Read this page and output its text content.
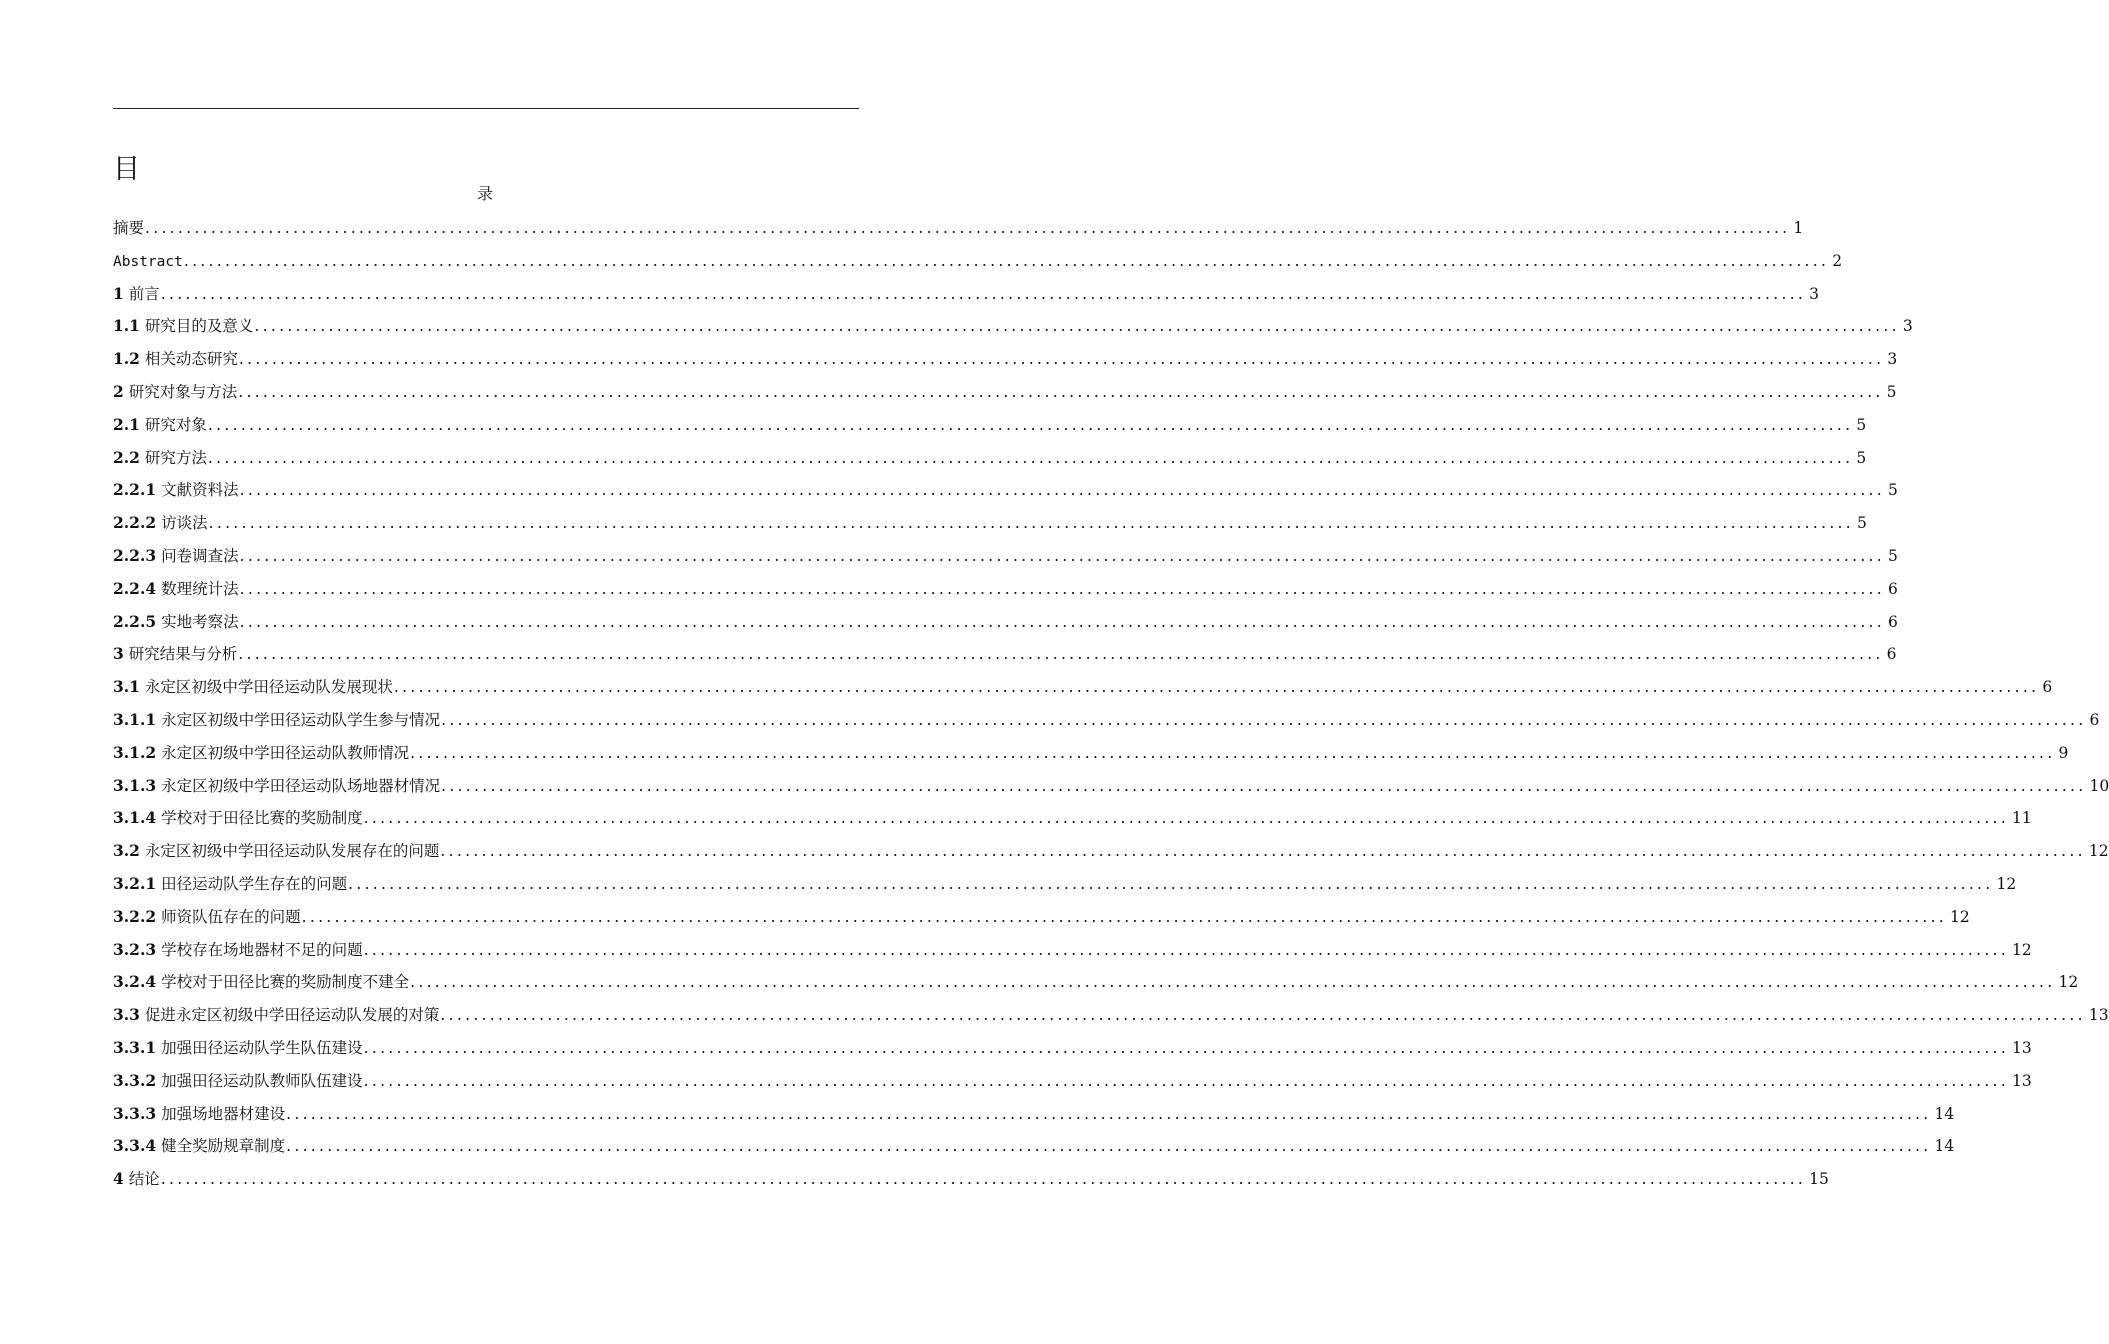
目
录
摘要 ........................................................................................................................................................................................................ 1
Abstract ........................................................................................................................................................................................................ 2
1 前言 ........................................................................................................................................................................................................ 3
1.1 研究目的及意义 ........................................................................................................................................................................................................ 3
1.2 相关动态研究 ........................................................................................................................................................................................................ 3
2 研究对象与方法 ........................................................................................................................................................................................................ 5
2.1 研究对象 ........................................................................................................................................................................................................ 5
2.2 研究方法 ........................................................................................................................................................................................................ 5
2.2.1 文献资料法 ........................................................................................................................................................................................................ 5
2.2.2 访谈法 ........................................................................................................................................................................................................ 5
2.2.3 问卷调查法 ........................................................................................................................................................................................................ 5
2.2.4 数理统计法 ........................................................................................................................................................................................................ 6
2.2.5 实地考察法 ........................................................................................................................................................................................................ 6
3 研究结果与分析 ........................................................................................................................................................................................................ 6
3.1 永定区初级中学田径运动队发展现状 ........................................................................................................................................................................................................ 6
3.1.1 永定区初级中学田径运动队学生参与情况 ........................................................................................................................................................................................................ 6
3.1.2 永定区初级中学田径运动队教师情况 ........................................................................................................................................................................................................ 9
3.1.3 永定区初级中学田径运动队场地器材情况 ........................................................................................................................................................................................................ 10
3.1.4 学校对于田径比赛的奖励制度 ........................................................................................................................................................................................................ 11
3.2 永定区初级中学田径运动队发展存在的问题 ........................................................................................................................................................................................................ 12
3.2.1 田径运动队学生存在的问题 ........................................................................................................................................................................................................ 12
3.2.2 师资队伍存在的问题 ........................................................................................................................................................................................................ 12
3.2.3 学校存在场地器材不足的问题 ........................................................................................................................................................................................................ 12
3.2.4 学校对于田径比赛的奖励制度不建全 ........................................................................................................................................................................................................ 12
3.3 促进永定区初级中学田径运动队发展的对策 ........................................................................................................................................................................................................ 13
3.3.1 加强田径运动队学生队伍建设 ........................................................................................................................................................................................................ 13
3.3.2 加强田径运动队教师队伍建设 ........................................................................................................................................................................................................ 13
3.3.3 加强场地器材建设 ........................................................................................................................................................................................................ 14
3.3.4 健全奖励规章制度 ........................................................................................................................................................................................................ 14
4 结论 ........................................................................................................................................................................................................ 15
